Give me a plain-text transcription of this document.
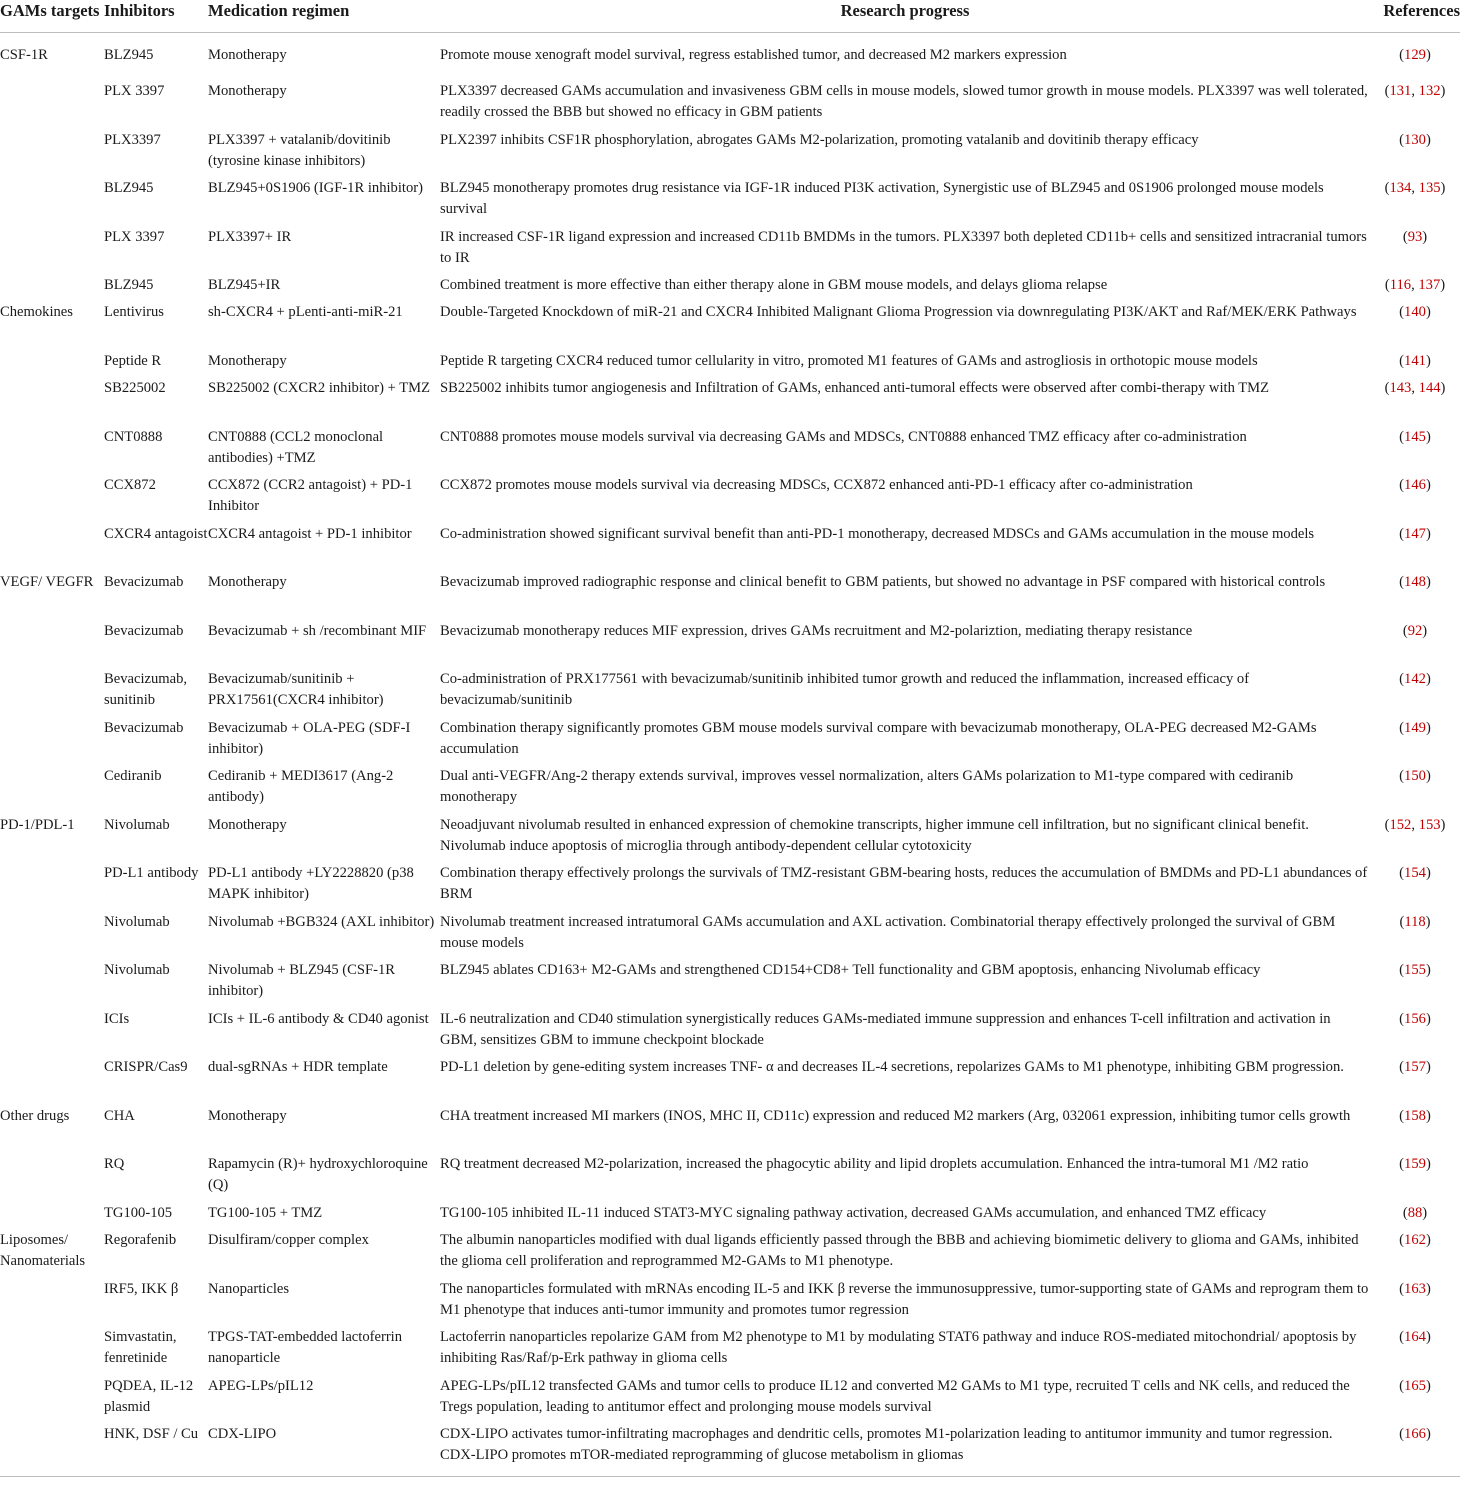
GAMs targets	Inhibitors	Medication regimen	Research progress	References
CSF-1R	BLZ945	Monotherapy	Promote mouse xenograft model survival, regress established tumor, and decreased M2 markers expression	(129)
	PLX 3397	Monotherapy	PLX3397 decreased GAMs accumulation and invasiveness GBM cells in mouse models, slowed tumor growth in mouse models. PLX3397 was well tolerated, readily crossed the BBB but showed no efficacy in GBM patients	(131, 132)
	PLX3397	PLX3397 + vatalanib/dovitinib (tyrosine kinase inhibitors)	PLX2397 inhibits CSF1R phosphorylation, abrogates GAMs M2-polarization, promoting vatalanib and dovitinib therapy efficacy	(130)
	BLZ945	BLZ945+0S1906 (IGF-1R inhibitor)	BLZ945 monotherapy promotes drug resistance via IGF-1R induced PI3K activation, Synergistic use of BLZ945 and 0S1906 prolonged mouse models survival	(134, 135)
	PLX 3397	PLX3397+ IR	IR increased CSF-1R ligand expression and increased CD11b BMDMs in the tumors. PLX3397 both depleted CD11b+ cells and sensitized intracranial tumors to IR	(93)
	BLZ945	BLZ945+IR	Combined treatment is more effective than either therapy alone in GBM mouse models, and delays glioma relapse	(116, 137)
Chemokines	Lentivirus	sh-CXCR4 + pLenti-anti-miR-21	Double-Targeted Knockdown of miR-21 and CXCR4 Inhibited Malignant Glioma Progression via downregulating PI3K/AKT and Raf/MEK/ERK Pathways	(140)
	Peptide R	Monotherapy	Peptide R targeting CXCR4 reduced tumor cellularity in vitro, promoted M1 features of GAMs and astrogliosis in orthotopic mouse models	(141)
	SB225002	SB225002 (CXCR2 inhibitor) + TMZ	SB225002 inhibits tumor angiogenesis and Infiltration of GAMs, enhanced anti-tumoral effects were observed after combi-therapy with TMZ	(143, 144)
	CNT0888	CNT0888 (CCL2 monoclonal antibodies) +TMZ	CNT0888 promotes mouse models survival via decreasing GAMs and MDSCs, CNT0888 enhanced TMZ efficacy after co-administration	(145)
	CCX872	CCX872 (CCR2 antagoist) + PD-1 Inhibitor	CCX872 promotes mouse models survival via decreasing MDSCs, CCX872 enhanced anti-PD-1 efficacy after co-administration	(146)
	CXCR4 antagoist	CXCR4 antagoist + PD-1 inhibitor	Co-administration showed significant survival benefit than anti-PD-1 monotherapy, decreased MDSCs and GAMs accumulation in the mouse models	(147)
VEGF/ VEGFR	Bevacizumab	Monotherapy	Bevacizumab improved radiographic response and clinical benefit to GBM patients, but showed no advantage in PSF compared with historical controls	(148)
	Bevacizumab	Bevacizumab + sh /recombinant MIF	Bevacizumab monotherapy reduces MIF expression, drives GAMs recruitment and M2-polariztion, mediating therapy resistance	(92)
	Bevacizumab, sunitinib	Bevacizumab/sunitinib + PRX17561(CXCR4 inhibitor)	Co-administration of PRX177561 with bevacizumab/sunitinib inhibited tumor growth and reduced the inflammation, increased efficacy of bevacizumab/sunitinib	(142)
	Bevacizumab	Bevacizumab + OLA-PEG (SDF-I inhibitor)	Combination therapy significantly promotes GBM mouse models survival compare with bevacizumab monotherapy, OLA-PEG decreased M2-GAMs accumulation	(149)
	Cediranib	Cediranib + MEDI3617 (Ang-2 antibody)	Dual anti-VEGFR/Ang-2 therapy extends survival, improves vessel normalization, alters GAMs polarization to M1-type compared with cediranib monotherapy	(150)
PD-1/PDL-1	Nivolumab	Monotherapy	Neoadjuvant nivolumab resulted in enhanced expression of chemokine transcripts, higher immune cell infiltration, but no significant clinical benefit. Nivolumab induce apoptosis of microglia through antibody-dependent cellular cytotoxicity	(152, 153)
	PD-L1 antibody	PD-L1 antibody +LY2228820 (p38 MAPK inhibitor)	Combination therapy effectively prolongs the survivals of TMZ-resistant GBM-bearing hosts, reduces the accumulation of BMDMs and PD-L1 abundances of BRM	(154)
	Nivolumab	Nivolumab +BGB324 (AXL inhibitor)	Nivolumab treatment increased intratumoral GAMs accumulation and AXL activation. Combinatorial therapy effectively prolonged the survival of GBM mouse models	(118)
	Nivolumab	Nivolumab + BLZ945 (CSF-1R inhibitor)	BLZ945 ablates CD163+ M2-GAMs and strengthened CD154+CD8+ Tell functionality and GBM apoptosis, enhancing Nivolumab efficacy	(155)
	ICIs	ICIs + IL-6 antibody & CD40 agonist	IL-6 neutralization and CD40 stimulation synergistically reduces GAMs-mediated immune suppression and enhances T-cell infiltration and activation in GBM, sensitizes GBM to immune checkpoint blockade	(156)
	CRISPR/Cas9	dual-sgRNAs + HDR template	PD-L1 deletion by gene-editing system increases TNF- α and decreases IL-4 secretions, repolarizes GAMs to M1 phenotype, inhibiting GBM progression.	(157)
Other drugs	CHA	Monotherapy	CHA treatment increased MI markers (INOS, MHC II, CD11c) expression and reduced M2 markers (Arg, 032061 expression, inhibiting tumor cells growth	(158)
	RQ	Rapamycin (R)+ hydroxychloroquine (Q)	RQ treatment decreased M2-polarization, increased the phagocytic ability and lipid droplets accumulation. Enhanced the intra-tumoral M1 /M2 ratio	(159)
	TG100-105	TG100-105 + TMZ	TG100-105 inhibited IL-11 induced STAT3-MYC signaling pathway activation, decreased GAMs accumulation, and enhanced TMZ efficacy	(88)
Liposomes/ Nanomaterials	Regorafenib	Disulfiram/copper complex	The albumin nanoparticles modified with dual ligands efficiently passed through the BBB and achieving biomimetic delivery to glioma and GAMs, inhibited the glioma cell proliferation and reprogrammed M2-GAMs to M1 phenotype.	(162)
	IRF5, IKK β	Nanoparticles	The nanoparticles formulated with mRNAs encoding IL-5 and IKK β reverse the immunosuppressive, tumor-supporting state of GAMs and reprogram them to M1 phenotype that induces anti-tumor immunity and promotes tumor regression	(163)
	Simvastatin, fenretinide	TPGS-TAT-embedded lactoferrin nanoparticle	Lactoferrin nanoparticles repolarize GAM from M2 phenotype to M1 by modulating STAT6 pathway and induce ROS-mediated mitochondrial/ apoptosis by inhibiting Ras/Raf/p-Erk pathway in glioma cells	(164)
	PQDEA, IL-12 plasmid	APEG-LPs/pIL12	APEG-LPs/pIL12 transfected GAMs and tumor cells to produce IL12 and converted M2 GAMs to M1 type, recruited T cells and NK cells, and reduced the Tregs population, leading to antitumor effect and prolonging mouse models survival	(165)
	HNK, DSF / Cu	CDX-LIPO	CDX-LIPO activates tumor-infiltrating macrophages and dendritic cells, promotes M1-polarization leading to antitumor immunity and tumor regression. CDX-LIPO promotes mTOR-mediated reprogramming of glucose metabolism in gliomas	(166)
